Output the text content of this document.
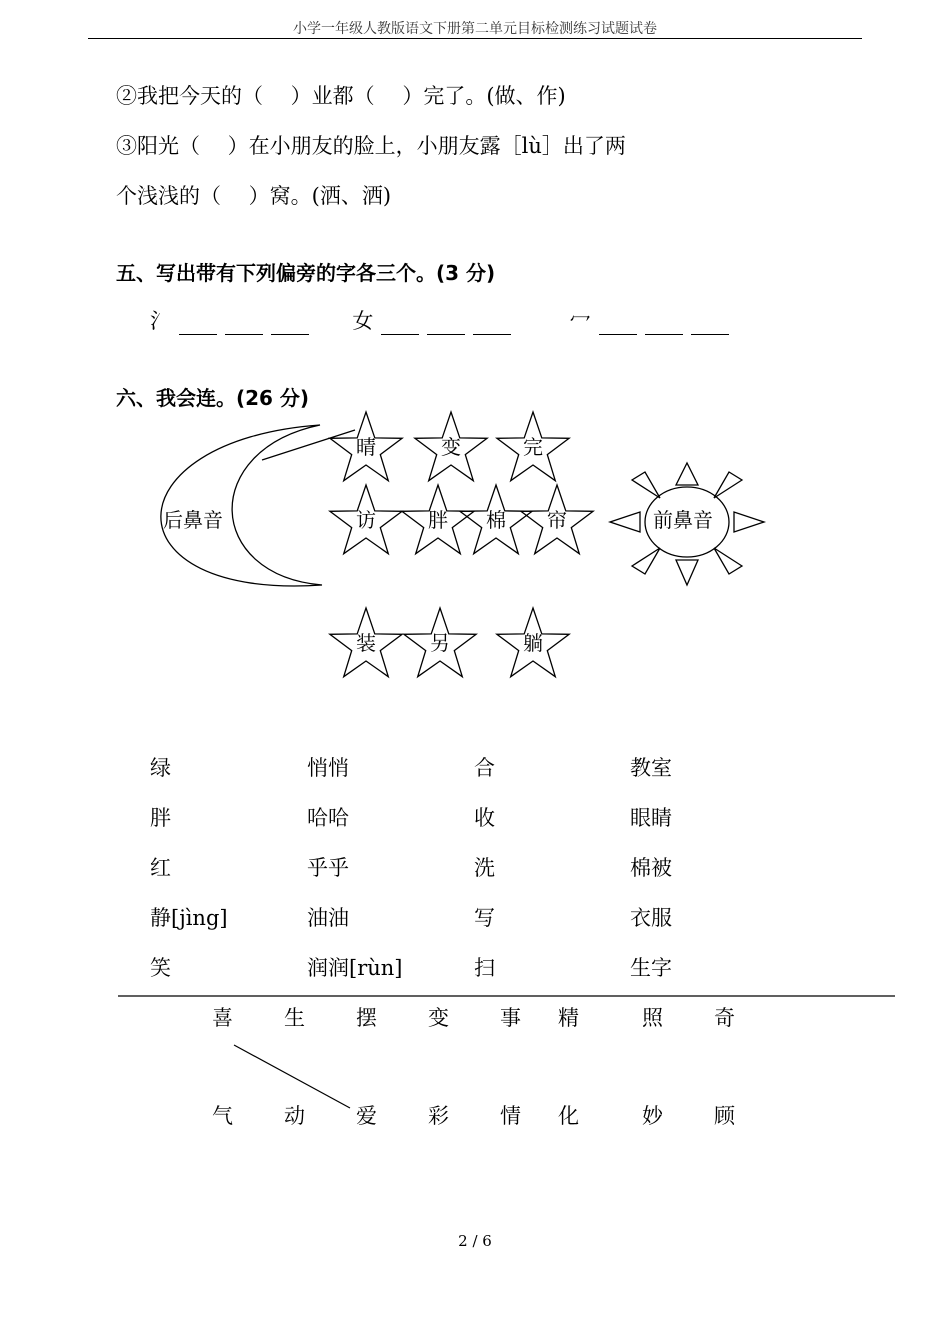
小学一年级人教版语文下册第二单元目标检测练习试题试卷
②我把今天的（　 ）业都（　 ）完了。(做、作)
③阳光（　 ）在小朋友的脸上，小朋友露［lù］出了两
个浅浅的（　 ）窝。(洒、洒)
五、写出带有下列偏旁的字各三个。(3 分)
氵	女	冖
六、我会连。(26 分)
后鼻音	前鼻音
晴	变	完
访	胖 棉 帘
装	另	躺
绿	悄悄	合	教室
胖	哈哈	收	眼睛
红	乎乎	洗	棉被
静[jìng]	油油	写	衣服
笑	润润[rùn]	扫	生字
喜 生 摆 变 事 精	照 奇
气 动 爱 彩 情 化	妙 顾
2 / 6
